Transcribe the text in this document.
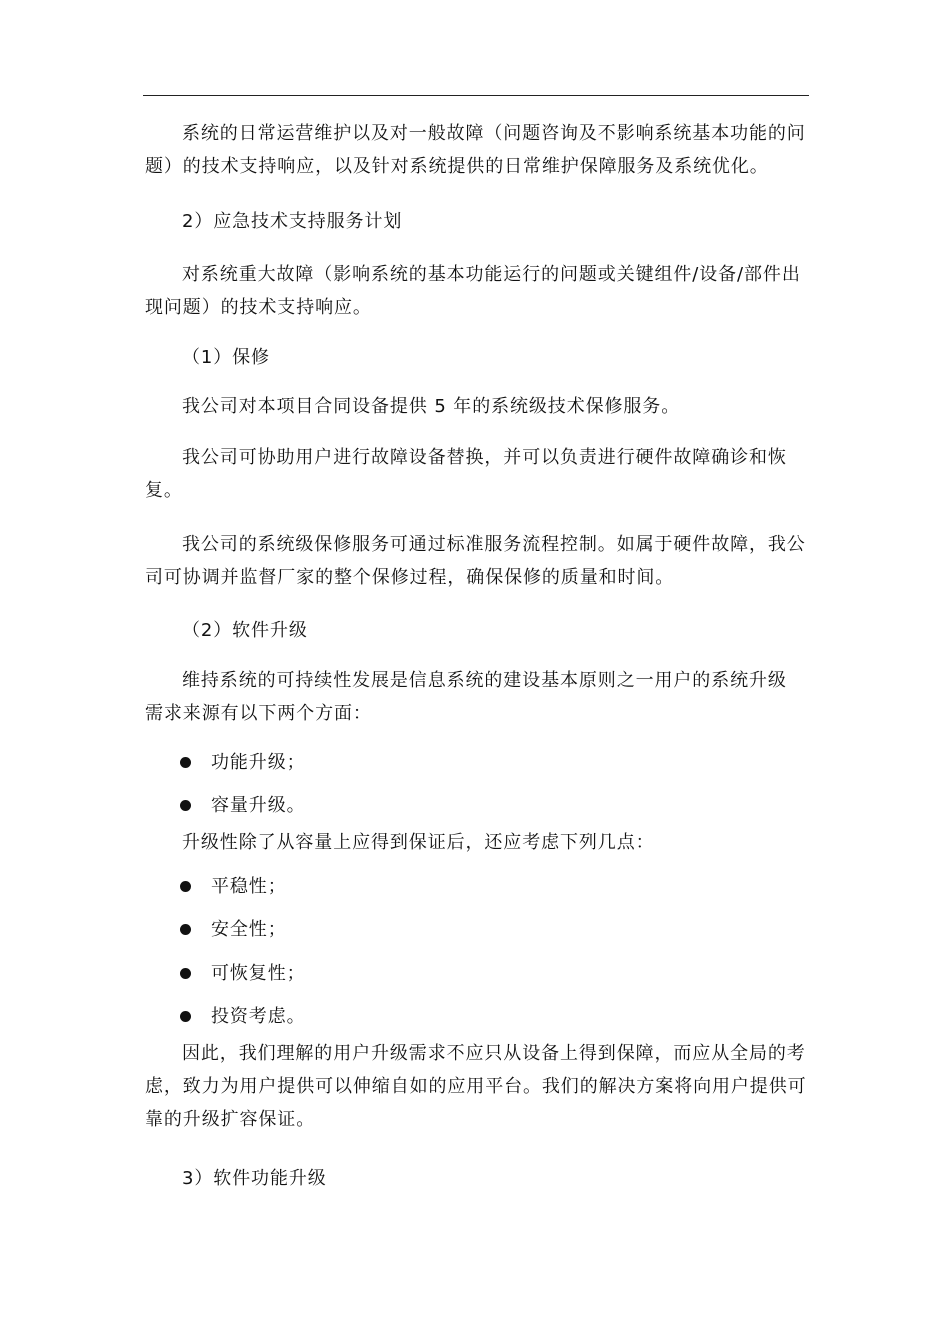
系统的日常运营维护以及对一般故障（问题咨询及不影响系统基本功能的问
题）的技术支持响应，以及针对系统提供的日常维护保障服务及系统优化。
2）应急技术支持服务计划
对系统重大故障（影响系统的基本功能运行的问题或关键组件/设备/部件出
现问题）的技术支持响应。
（1）保修
我公司对本项目合同设备提供 5 年的系统级技术保修服务。
我公司可协助用户进行故障设备替换，并可以负责进行硬件故障确诊和恢
复。
我公司的系统级保修服务可通过标准服务流程控制。如属于硬件故障，我公
司可协调并监督厂家的整个保修过程，确保保修的质量和时间。
（2）软件升级
维持系统的可持续性发展是信息系统的建设基本原则之一用户的系统升级
需求来源有以下两个方面：
功能升级；
容量升级。
升级性除了从容量上应得到保证后，还应考虑下列几点：
平稳性；
安全性；
可恢复性；
投资考虑。
因此，我们理解的用户升级需求不应只从设备上得到保障，而应从全局的考
虑，致力为用户提供可以伸缩自如的应用平台。我们的解决方案将向用户提供可
靠的升级扩容保证。
3）软件功能升级
